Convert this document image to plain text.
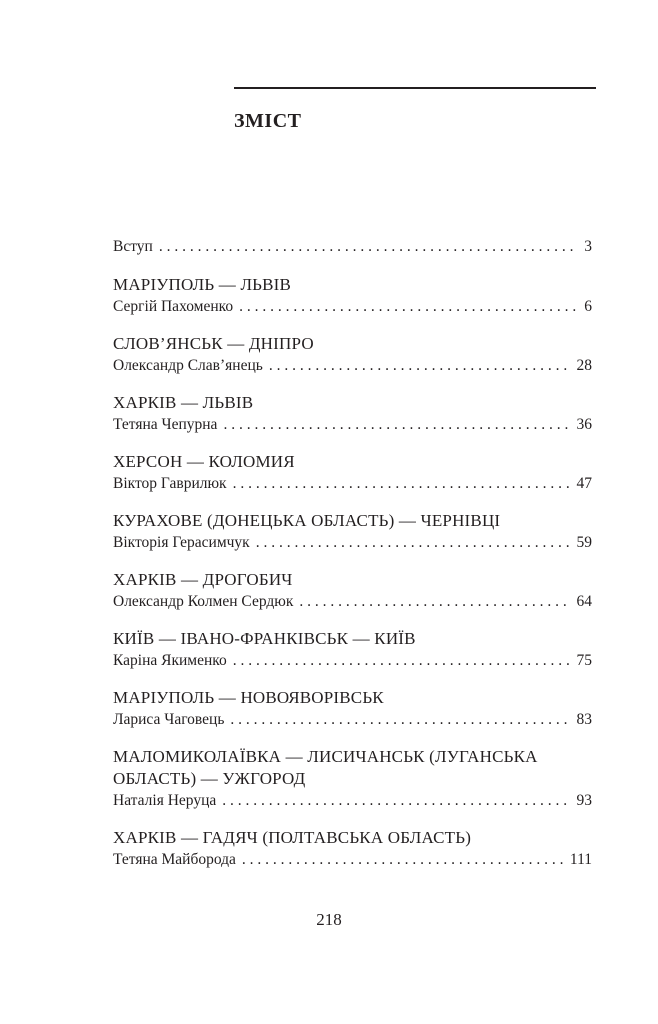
ЗМІСТ
Вступ . . .	3
МАРІУПОЛЬ — ЛЬВІВ
Сергій Пахоменко . . .	6
СЛОВ’ЯНСЬК — ДНІПРО
Олександр Слав’янець . . .	28
ХАРКІВ — ЛЬВІВ
Тетяна Чепурна . . .	36
ХЕРСОН — КОЛОМИЯ
Віктор Гаврилюк . . .	47
КУРАХОВЕ (ДОНЕЦЬКА ОБЛАСТЬ) — ЧЕРНІВЦІ
Вікторія Герасимчук . . .	59
ХАРКІВ — ДРОГОБИЧ
Олександр Колмен Сердюк . . .	64
КИЇВ — ІВАНО-ФРАНКІВСЬК — КИЇВ
Каріна Якименко . . .	75
МАРІУПОЛЬ — НОВОЯВОРІВСЬК
Лариса Чаговець . . .	83
МАЛОМИКОЛАЇВКА — ЛИСИЧАНСЬК (ЛУГАНСЬКА
ОБЛАСТЬ) — УЖГОРОД
Наталія Неруца . . .	93
ХАРКІВ — ГАДЯЧ (ПОЛТАВСЬКА ОБЛАСТЬ)
Тетяна Майборода . . .	111
218
